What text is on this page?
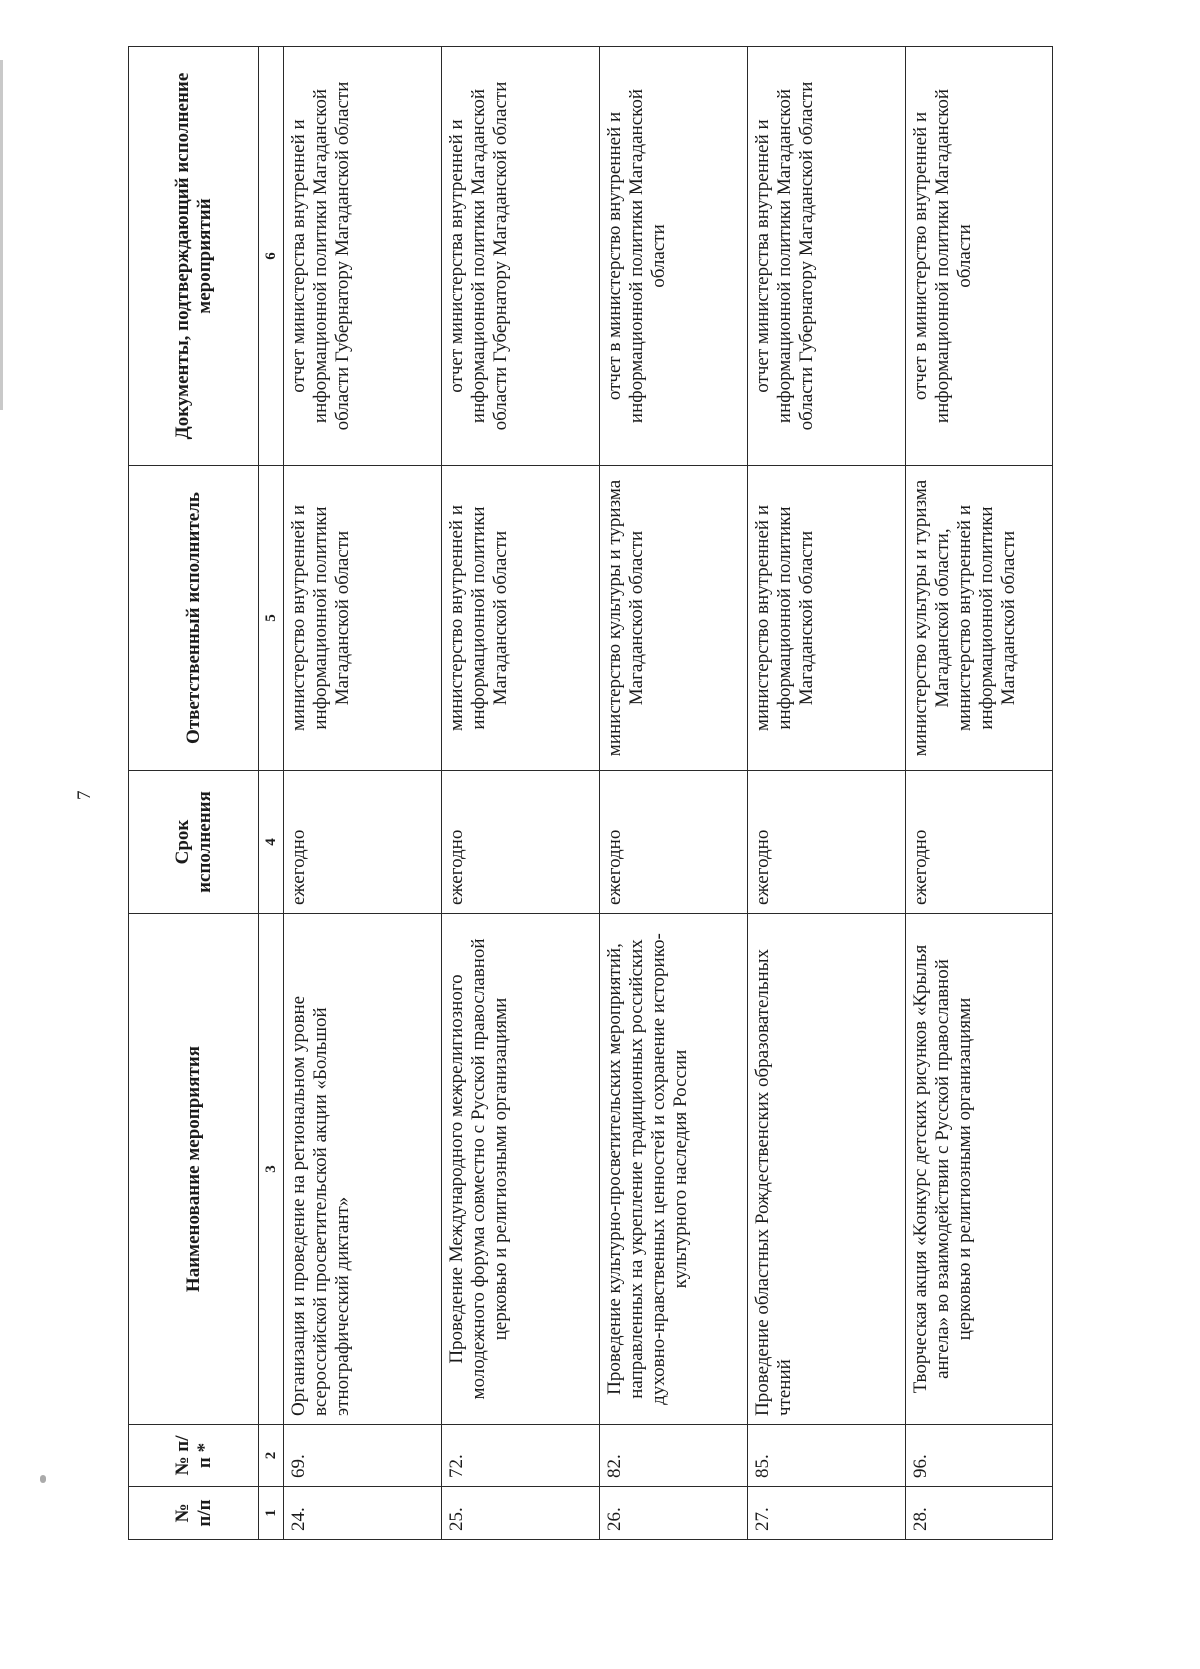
7
№ п/п	№ п/п *	Наименование мероприятия	Срок исполнения	Ответственный исполнитель	Документы, подтверждающий исполнение мероприятий
1	2	3	4	5	6
24.	69.	Организация и проведение на региональном уровне всероссийской просветительской акции «Большой этнографический диктант»	ежегодно	министерство внутренней и информационной политики Магаданской области	отчет министерства внутренней и информационной политики Магаданской области Губернатору Магаданской области
25.	72.	Проведение Международного межрелигиозного молодежного форума совместно с Русской православной церковью и религиозными организациями	ежегодно	министерство внутренней и информационной политики Магаданской области	отчет министерства внутренней и информационной политики Магаданской области Губернатору Магаданской области
26.	82.	Проведение культурно-просветительских мероприятий, направленных на укрепление традиционных российских духовно-нравственных ценностей и сохранение историко-культурного наследия России	ежегодно	министерство культуры и туризма Магаданской области	отчет в министерство внутренней и информационной политики Магаданской области
27.	85.	Проведение областных Рождественских образовательных чтений	ежегодно	министерство внутренней и информационной политики Магаданской области	отчет министерства внутренней и информационной политики Магаданской области Губернатору Магаданской области
28.	96.	Творческая акция «Конкурс детских рисунков «Крылья ангела» во взаимодействии с Русской православной церковью и религиозными организациями	ежегодно	министерство культуры и туризма Магаданской области, министерство внутренней и информационной политики Магаданской области	отчет в министерство внутренней и информационной политики Магаданской области
